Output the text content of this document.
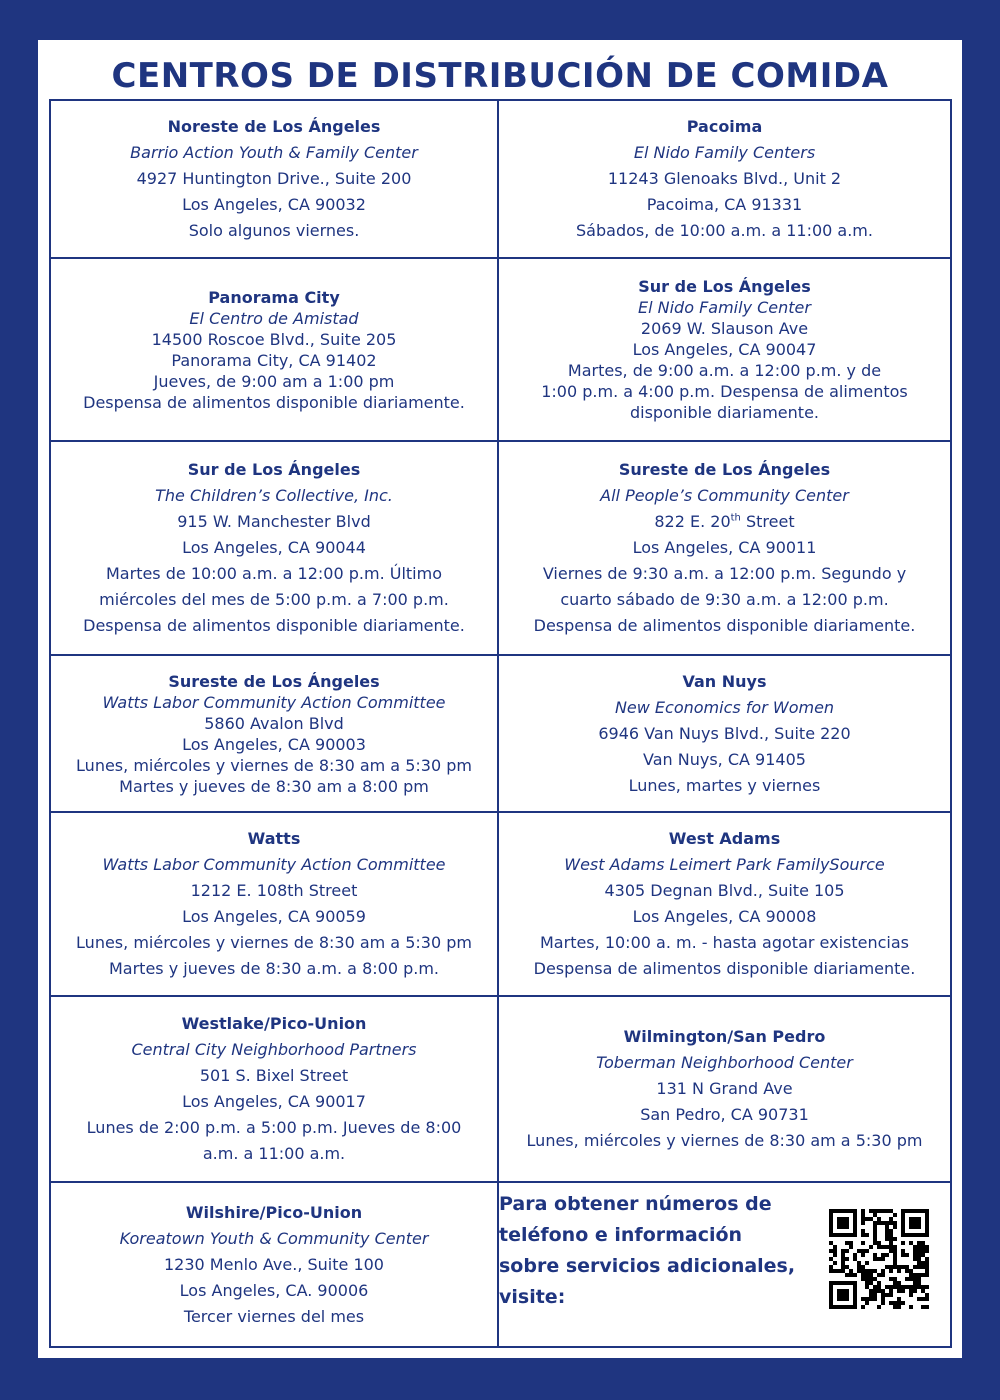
CENTROS DE DISTRIBUCIÓN DE COMIDA
Noreste de Los Ángeles
Barrio Action Youth & Family Center
4927 Huntington Drive., Suite 200
Los Angeles, CA 90032
Solo algunos viernes.
Pacoima
El Nido Family Centers
11243 Glenoaks Blvd., Unit 2
Pacoima, CA 91331
Sábados, de 10:00 a.m. a 11:00 a.m.
Panorama City
El Centro de Amistad
14500 Roscoe Blvd., Suite 205
Panorama City, CA 91402
Jueves, de 9:00 am a 1:00 pm
Despensa de alimentos disponible diariamente.
Sur de Los Ángeles
El Nido Family Center
2069 W. Slauson Ave
Los Angeles, CA 90047
Martes, de 9:00 a.m. a 12:00 p.m. y de
1:00 p.m. a 4:00 p.m. Despensa de alimentos
disponible diariamente.
Sur de Los Ángeles
The Children’s Collective, Inc.
915 W. Manchester Blvd
Los Angeles, CA 90044
Martes de 10:00 a.m. a 12:00 p.m. Último
miércoles del mes de 5:00 p.m. a 7:00 p.m.
Despensa de alimentos disponible diariamente.
Sureste de Los Ángeles
All People’s Community Center
822 E. 20th Street
Los Angeles, CA 90011
Viernes de 9:30 a.m. a 12:00 p.m. Segundo y
cuarto sábado de 9:30 a.m. a 12:00 p.m.
Despensa de alimentos disponible diariamente.
Sureste de Los Ángeles
Watts Labor Community Action Committee
5860 Avalon Blvd
Los Angeles, CA 90003
Lunes, miércoles y viernes de 8:30 am a 5:30 pm
Martes y jueves de 8:30 am a 8:00 pm
Van Nuys
New Economics for Women
6946 Van Nuys Blvd., Suite 220
Van Nuys, CA 91405
Lunes, martes y viernes
Watts
Watts Labor Community Action Committee
1212 E. 108th Street
Los Angeles, CA 90059
Lunes, miércoles y viernes de 8:30 am a 5:30 pm
Martes y jueves de 8:30 a.m. a 8:00 p.m.
West Adams
West Adams Leimert Park FamilySource
4305 Degnan Blvd., Suite 105
Los Angeles, CA 90008
Martes, 10:00 a. m. - hasta agotar existencias
Despensa de alimentos disponible diariamente.
Westlake/Pico-Union
Central City Neighborhood Partners
501 S. Bixel Street
Los Angeles, CA 90017
Lunes de 2:00 p.m. a 5:00 p.m. Jueves de 8:00
a.m. a 11:00 a.m.
Wilmington/San Pedro
Toberman Neighborhood Center
131 N Grand Ave
San Pedro, CA 90731
Lunes, miércoles y viernes de 8:30 am a 5:30 pm
Wilshire/Pico-Union
Koreatown Youth & Community Center
1230 Menlo Ave., Suite 100
Los Angeles, CA. 90006
Tercer viernes del mes
Para obtener números de
teléfono e información
sobre servicios adicionales,
visite:
